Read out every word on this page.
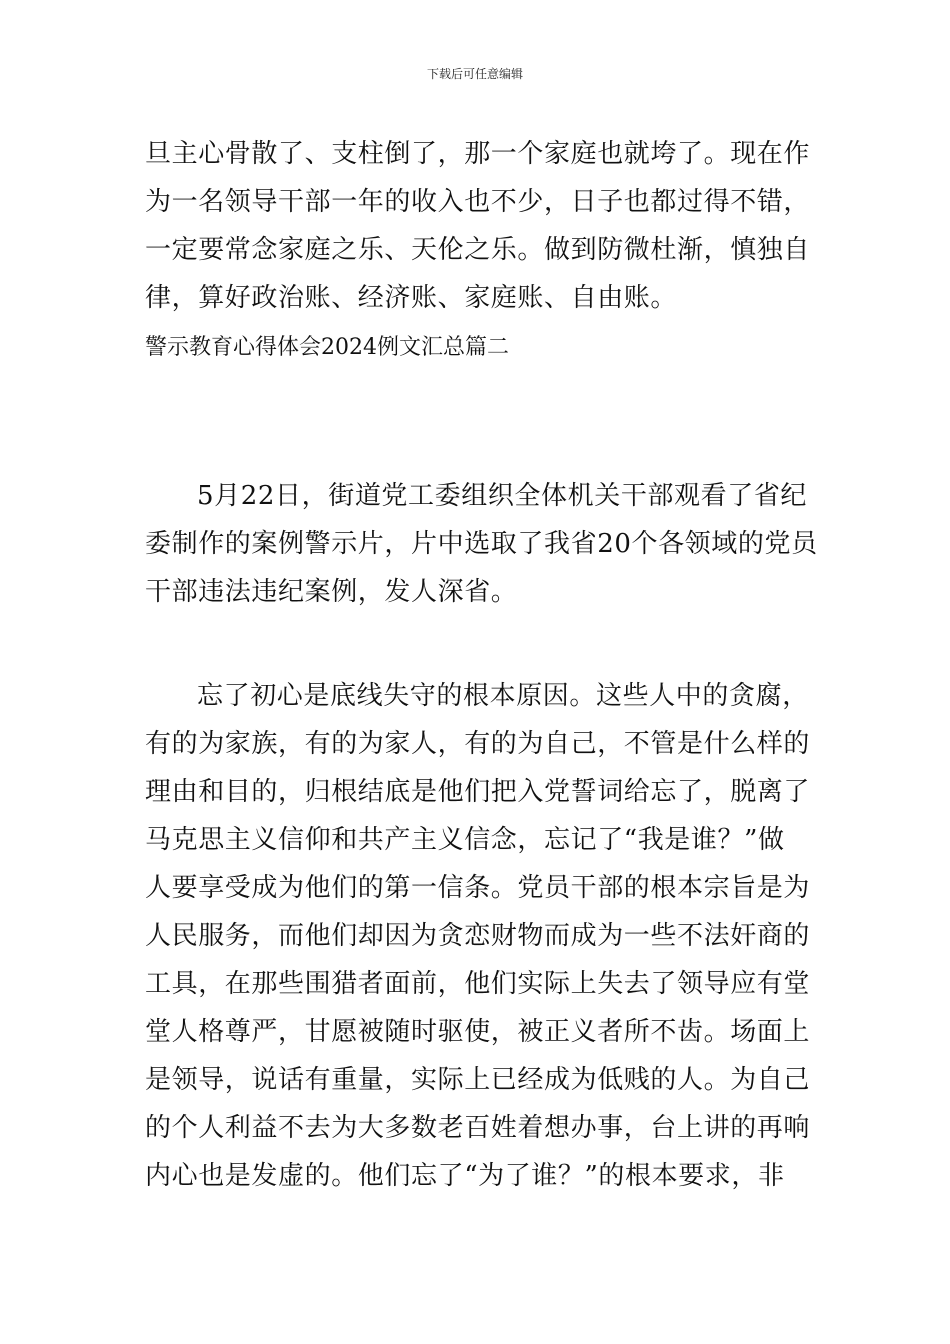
下载后可任意编辑
旦主心骨散了、支柱倒了，那一个家庭也就垮了。现在作
为一名领导干部一年的收入也不少，日子也都过得不错，
一定要常念家庭之乐、天伦之乐。做到防微杜渐，慎独自
律，算好政治账、经济账、家庭账、自由账。
警示教育心得体会2024例文汇总篇二
5月22日，街道党工委组织全体机关干部观看了省纪
委制作的案例警示片，片中选取了我省20个各领域的党员
干部违法违纪案例，发人深省。
忘了初心是底线失守的根本原因。这些人中的贪腐，
有的为家族，有的为家人，有的为自己，不管是什么样的
理由和目的，归根结底是他们把入党誓词给忘了，脱离了
马克思主义信仰和共产主义信念，忘记了“我是谁？”做
人要享受成为他们的第一信条。党员干部的根本宗旨是为
人民服务，而他们却因为贪恋财物而成为一些不法奸商的
工具，在那些围猎者面前，他们实际上失去了领导应有堂
堂人格尊严，甘愿被随时驱使，被正义者所不齿。场面上
是领导，说话有重量，实际上已经成为低贱的人。为自己
的个人利益不去为大多数老百姓着想办事，台上讲的再响
内心也是发虚的。他们忘了“为了谁？”的根本要求，非
